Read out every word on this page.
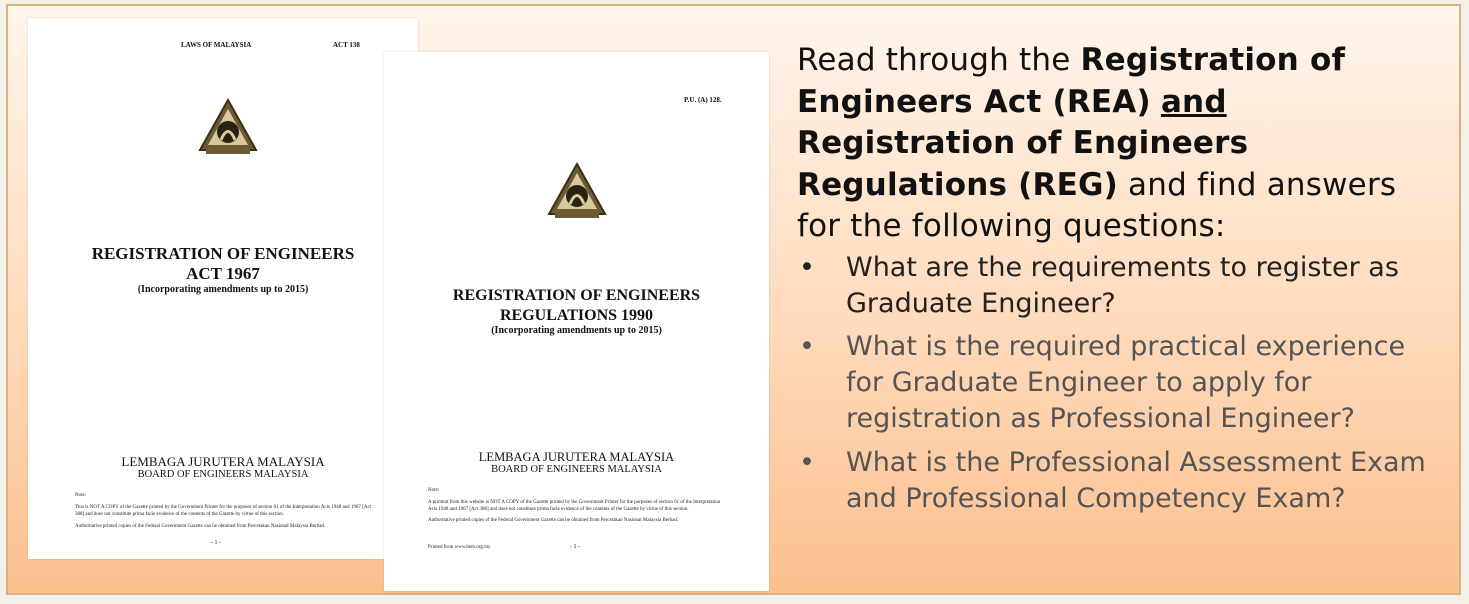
LAWS OF MALAYSIA	ACT 138
REGISTRATION OF ENGINEERS
ACT 1967
(Incorporating amendments up to 2015)
LEMBAGA JURUTERA MALAYSIA
BOARD OF ENGINEERS MALAYSIA
Note:
This is NOT A COPY of the Gazette printed by the Government Printer for the purposes of section 61 of the Interpretation Acts 1948 and 1967 [Act 388] and does not constitute prima facie evidence of the contents of the Gazette by virtue of this section.
Authoritative printed copies of the Federal Government Gazette can be obtained from Percetakan Nasional Malaysia Berhad.
- 1 -
P.U. (A) 128.
REGISTRATION OF ENGINEERS
REGULATIONS 1990
(Incorporating amendments up to 2015)
LEMBAGA JURUTERA MALAYSIA
BOARD OF ENGINEERS MALAYSIA
Note:
A printout from this website is NOT A COPY of the Gazette printed by the Government Printer for the purposes of section 61 of the Interpretation Acts 1948 and 1967 [Act 388] and does not constitute prima facie evidence of the contents of the Gazette by virtue of this section.
Authoritative printed copies of the Federal Government Gazette can be obtained from Percetakan Nasional Malaysia Berhad.
Printed from www.bem.org.my	- 1 -

Read through the Registration of Engineers Act (REA) and Registration of Engineers Regulations (REG) and find answers for the following questions:

• What are the requirements to register as Graduate Engineer?
• What is the required practical experience for Graduate Engineer to apply for registration as Professional Engineer?
• What is the Professional Assessment Exam and Professional Competency Exam?
